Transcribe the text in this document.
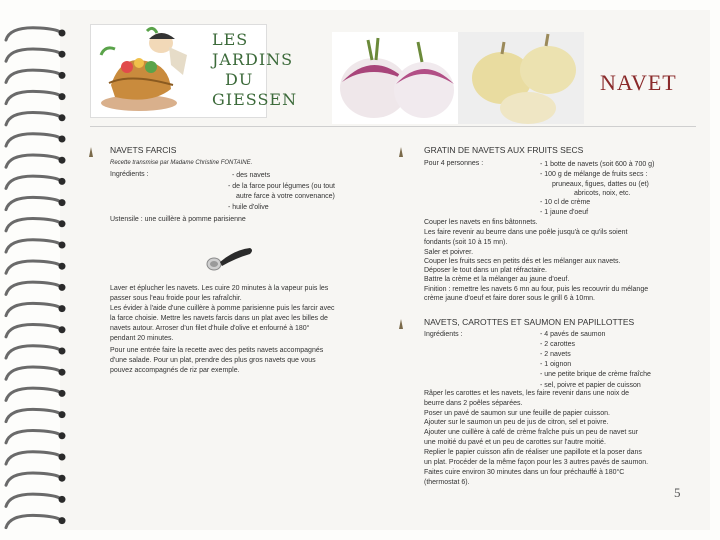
LES
JARDINS
DU
GIESSEN
NAVET
NAVETS FARCIS
Recette transmise par Madame Christine FONTAINE.
Ingrédients :	- des navets
- de la farce pour légumes (ou tout
autre farce à votre convenance)
- huile d'olive
Ustensile : une cuillère à pomme parisienne
Laver et éplucher les navets. Les cuire 20 minutes à la vapeur puis les
passer sous l'eau froide pour les rafraîchir.
Les évider à l'aide d'une cuillère à pomme parisienne puis les farcir avec
la farce choisie. Mettre les navets farcis dans un plat avec les billes de
navets autour. Arroser d'un filet d'huile d'olive et enfourné à 180°
pendant 20 minutes.
Pour une entrée faire la recette avec des petits navets accompagnés
d'une salade. Pour un plat, prendre des plus gros navets que vous
pouvez accompagnés de riz par exemple.
GRATIN DE NAVETS AUX FRUITS SECS
Pour 4 personnes :	- 1 botte de navets (soit 600 à 700 g)
- 100 g de mélange de fruits secs :
pruneaux, figues, dattes ou (et)
abricots, noix, etc.
- 10 cl de crème
- 1 jaune d'oeuf
Couper les navets en fins bâtonnets.
Les faire revenir au beurre dans une poêle jusqu'à ce qu'ils soient
fondants (soit 10 à 15 mn).
Saler et poivrer.
Couper les fruits secs en petits dés et les mélanger aux navets.
Déposer le tout dans un plat réfractaire.
Battre la crème et la mélanger au jaune d'oeuf.
Finition : remettre les navets 6 mn au four, puis les recouvrir du mélange
crème jaune d'oeuf et faire dorer sous le grill 6 à 10mn.
NAVETS, CAROTTES ET SAUMON EN PAPILLOTTES
Ingrédients :	- 4 pavés de saumon
- 2 carottes
- 2 navets
- 1 oignon
- une petite brique de crème fraîche
- sel, poivre et papier de cuisson
Râper les carottes et les navets, les faire revenir dans une noix de
beurre dans 2 poêles séparées.
Poser un pavé de saumon sur une feuille de papier cuisson.
Ajouter sur le saumon un peu de jus de citron, sel et poivre.
Ajouter une cuillère à café de crème fraîche puis un peu de navet sur
une moitié du pavé et un peu de carottes sur l'autre moitié.
Replier le papier cuisson afin de réaliser une papillote et la poser dans
un plat. Procéder de la même façon pour les 3 autres pavés de saumon.
Faites cuire environ 30 minutes dans un four préchauffé à 180°C
(thermostat 6).
5
